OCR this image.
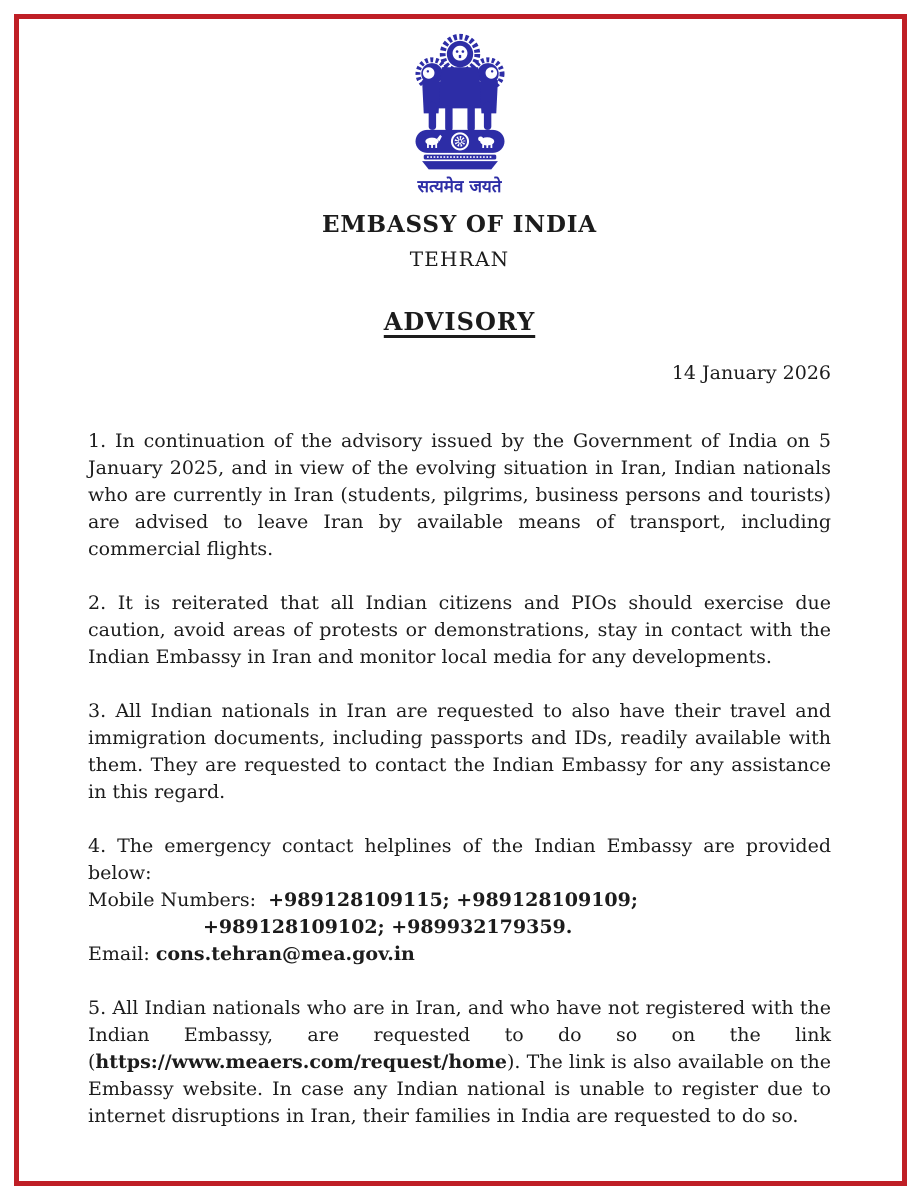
सत्यमेव जयते
EMBASSY OF INDIA
TEHRAN
ADVISORY
14 January 2026

1. In continuation of the advisory issued by the Government of India on 5 January 2025, and in view of the evolving situation in Iran, Indian nationals who are currently in Iran (students, pilgrims, business persons and tourists) are advised to leave Iran by available means of transport, including commercial flights.

2. It is reiterated that all Indian citizens and PIOs should exercise due caution, avoid areas of protests or demonstrations, stay in contact with the Indian Embassy in Iran and monitor local media for any developments.

3. All Indian nationals in Iran are requested to also have their travel and immigration documents, including passports and IDs, readily available with them. They are requested to contact the Indian Embassy for any assistance in this regard.

4. The emergency contact helplines of the Indian Embassy are provided below:
Mobile Numbers: +989128109115; +989128109109;
+989128109102; +989932179359.
Email: cons.tehran@mea.gov.in

5. All Indian nationals who are in Iran, and who have not registered with the Indian Embassy, are requested to do so on the link (https://www.meaers.com/request/home). The link is also available on the Embassy website. In case any Indian national is unable to register due to internet disruptions in Iran, their families in India are requested to do so.
